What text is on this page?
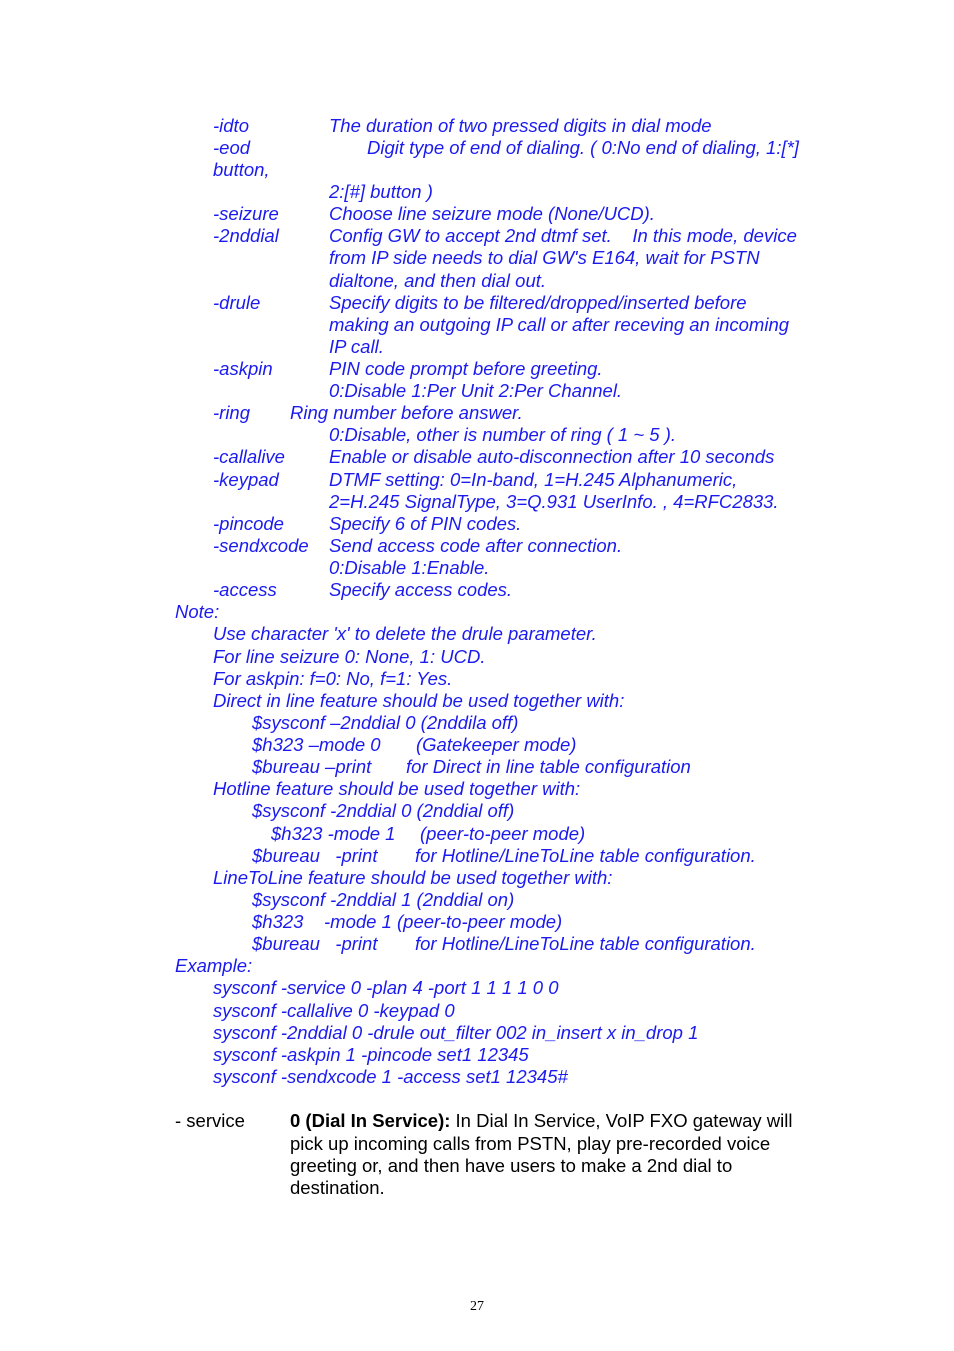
-idto	The duration of two pressed digits in dial mode
-eod	Digit type of end of dialing. ( 0:No end of dialing, 1:[*]
button,
2:[#] button )
-seizure	Choose line seizure mode (None/UCD).
-2nddial	Config GW to accept 2nd dtmf set.    In this mode, device
from IP side needs to dial GW's E164, wait for PSTN
dialtone, and then dial out.
-drule	Specify digits to be filtered/dropped/inserted before
making an outgoing IP call or after receving an incoming
IP call.
-askpin	PIN code prompt before greeting.
0:Disable 1:Per Unit 2:Per Channel.
-ring Ring number before answer.
0:Disable, other is number of ring ( 1 ~ 5 ).
-callalive Enable or disable auto-disconnection after 10 seconds
-keypad	DTMF setting: 0=In-band, 1=H.245 Alphanumeric,
2=H.245 SignalType, 3=Q.931 UserInfo. , 4=RFC2833.
-pincode Specify 6 of PIN codes.
-sendxcode Send access code after connection.
0:Disable 1:Enable.
-access	Specify access codes.
Note:
Use character 'x' to delete the drule parameter.
For line seizure 0: None, 1: UCD.
For askpin: f=0: No, f=1: Yes.
Direct in line feature should be used together with:
$sysconf –2nddial 0 (2nddila off)
$h323 –mode 0 (Gatekeeper mode)
$bureau –print for Direct in line table configuration
Hotline feature should be used together with:
$sysconf -2nddial 0 (2nddial off)
$h323 -mode 1 (peer-to-peer mode)
$bureau   -print for Hotline/LineToLine table configuration.
LineToLine feature should be used together with:
$sysconf -2nddial 1 (2nddial on)
$h323    -mode 1 (peer-to-peer mode)
$bureau   -print for Hotline/LineToLine table configuration.
Example:
sysconf -service 0 -plan 4 -port 1 1 1 1 0 0
sysconf -callalive 0 -keypad 0
sysconf -2nddial 0 -drule out_filter 002 in_insert x in_drop 1
sysconf -askpin 1 -pincode set1 12345
sysconf -sendxcode 1 -access set1 12345#
- service 0 (Dial In Service): In Dial In Service, VoIP FXO gateway will
pick up incoming calls from PSTN, play pre-recorded voice
greeting or, and then have users to make a 2nd dial to
destination.
27
